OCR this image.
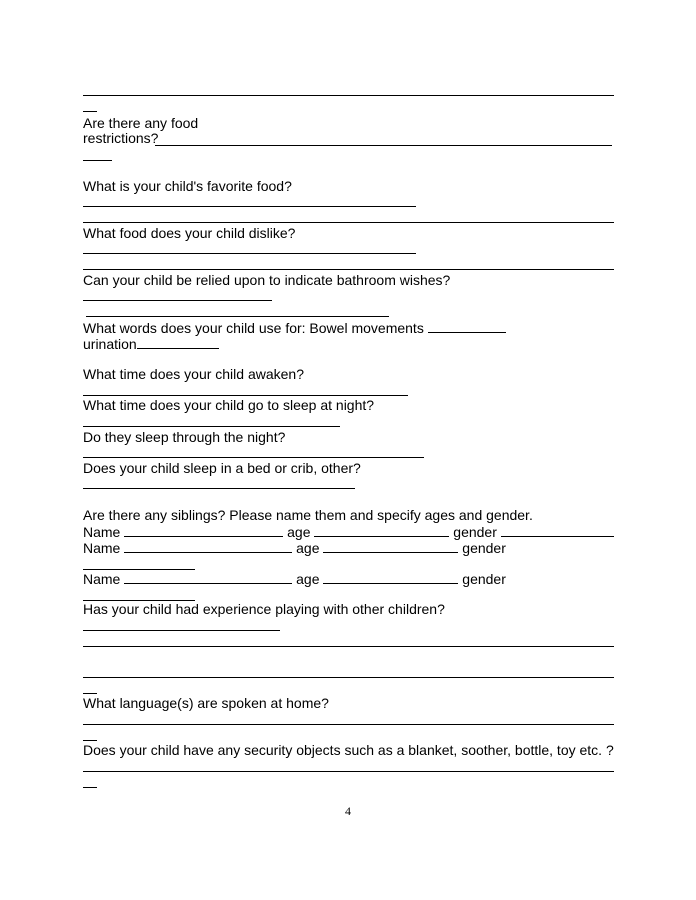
Are there any food
restrictions?
What is your child's favorite food?
What food does your child dislike?
Can your child be relied upon to indicate bathroom wishes?
What words does your child use for: Bowel movements
urination
What time does your child awaken?
What time does your child go to sleep at night?
Do they sleep through the night?
Does your child sleep in a bed or crib, other?
Are there any siblings? Please name them and specify ages and gender.
Name	age	gender
Name	age	gender
Name	age	gender
Has your child had experience playing with other children?
What language(s) are spoken at home?
Does your child have any security objects such as a blanket, soother, bottle, toy etc. ?
4
